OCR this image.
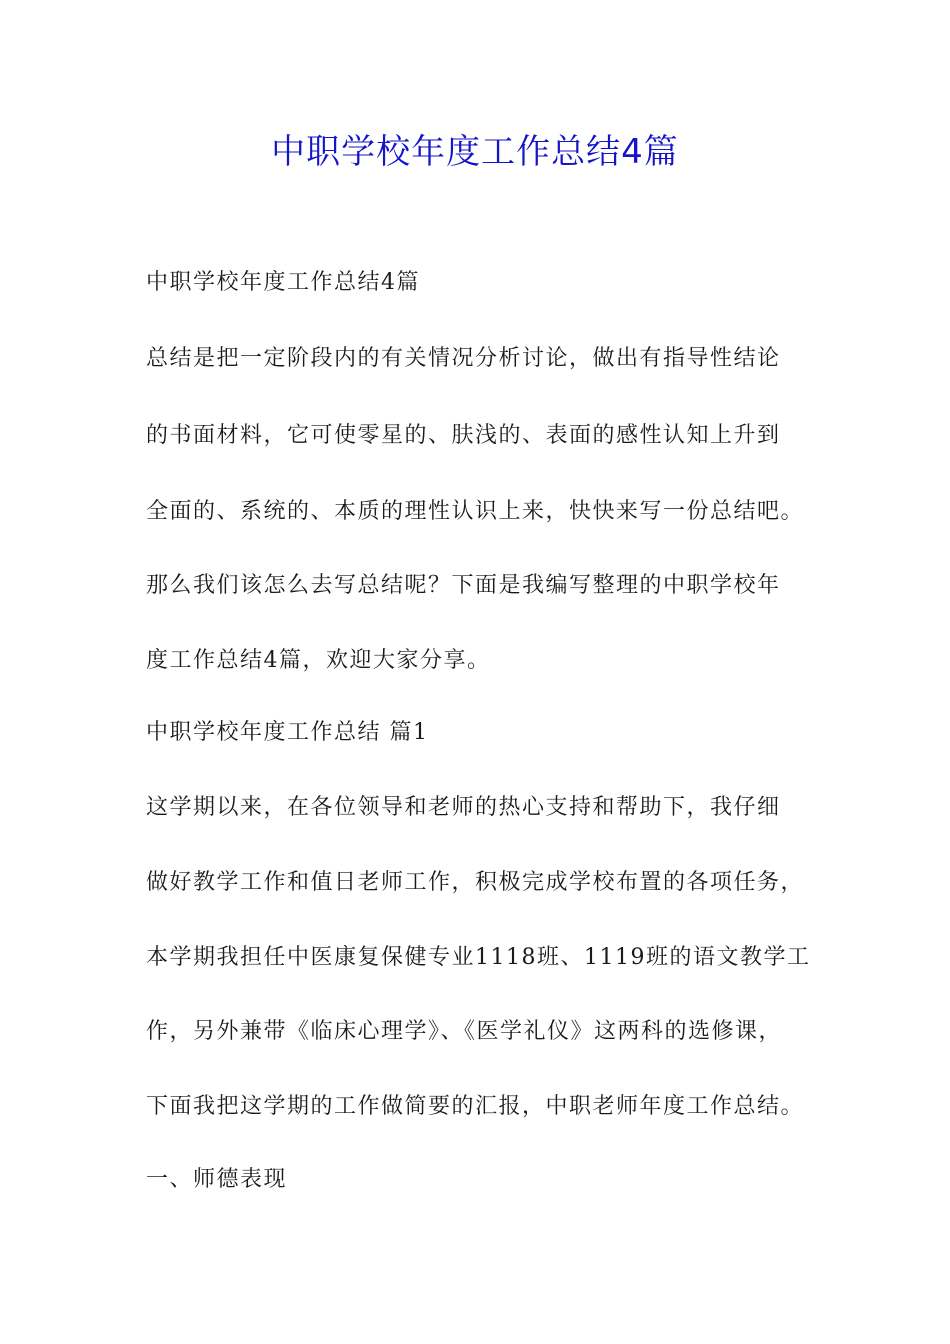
中职学校年度工作总结4篇

中职学校年度工作总结4篇

总结是把一定阶段内的有关情况分析讨论，做出有指导性结论

的书面材料，它可使零星的、肤浅的、表面的感性认知上升到

全面的、系统的、本质的理性认识上来，快快来写一份总结吧。

那么我们该怎么去写总结呢？下面是我编写整理的中职学校年

度工作总结4篇，欢迎大家分享。

中职学校年度工作总结 篇1

这学期以来，在各位领导和老师的热心支持和帮助下，我仔细

做好教学工作和值日老师工作，积极完成学校布置的各项任务，

本学期我担任中医康复保健专业1118班、1119班的语文教学工

作，另外兼带《临床心理学》、《医学礼仪》这两科的选修课，

下面我把这学期的工作做简要的汇报，中职老师年度工作总结。

一、师德表现
